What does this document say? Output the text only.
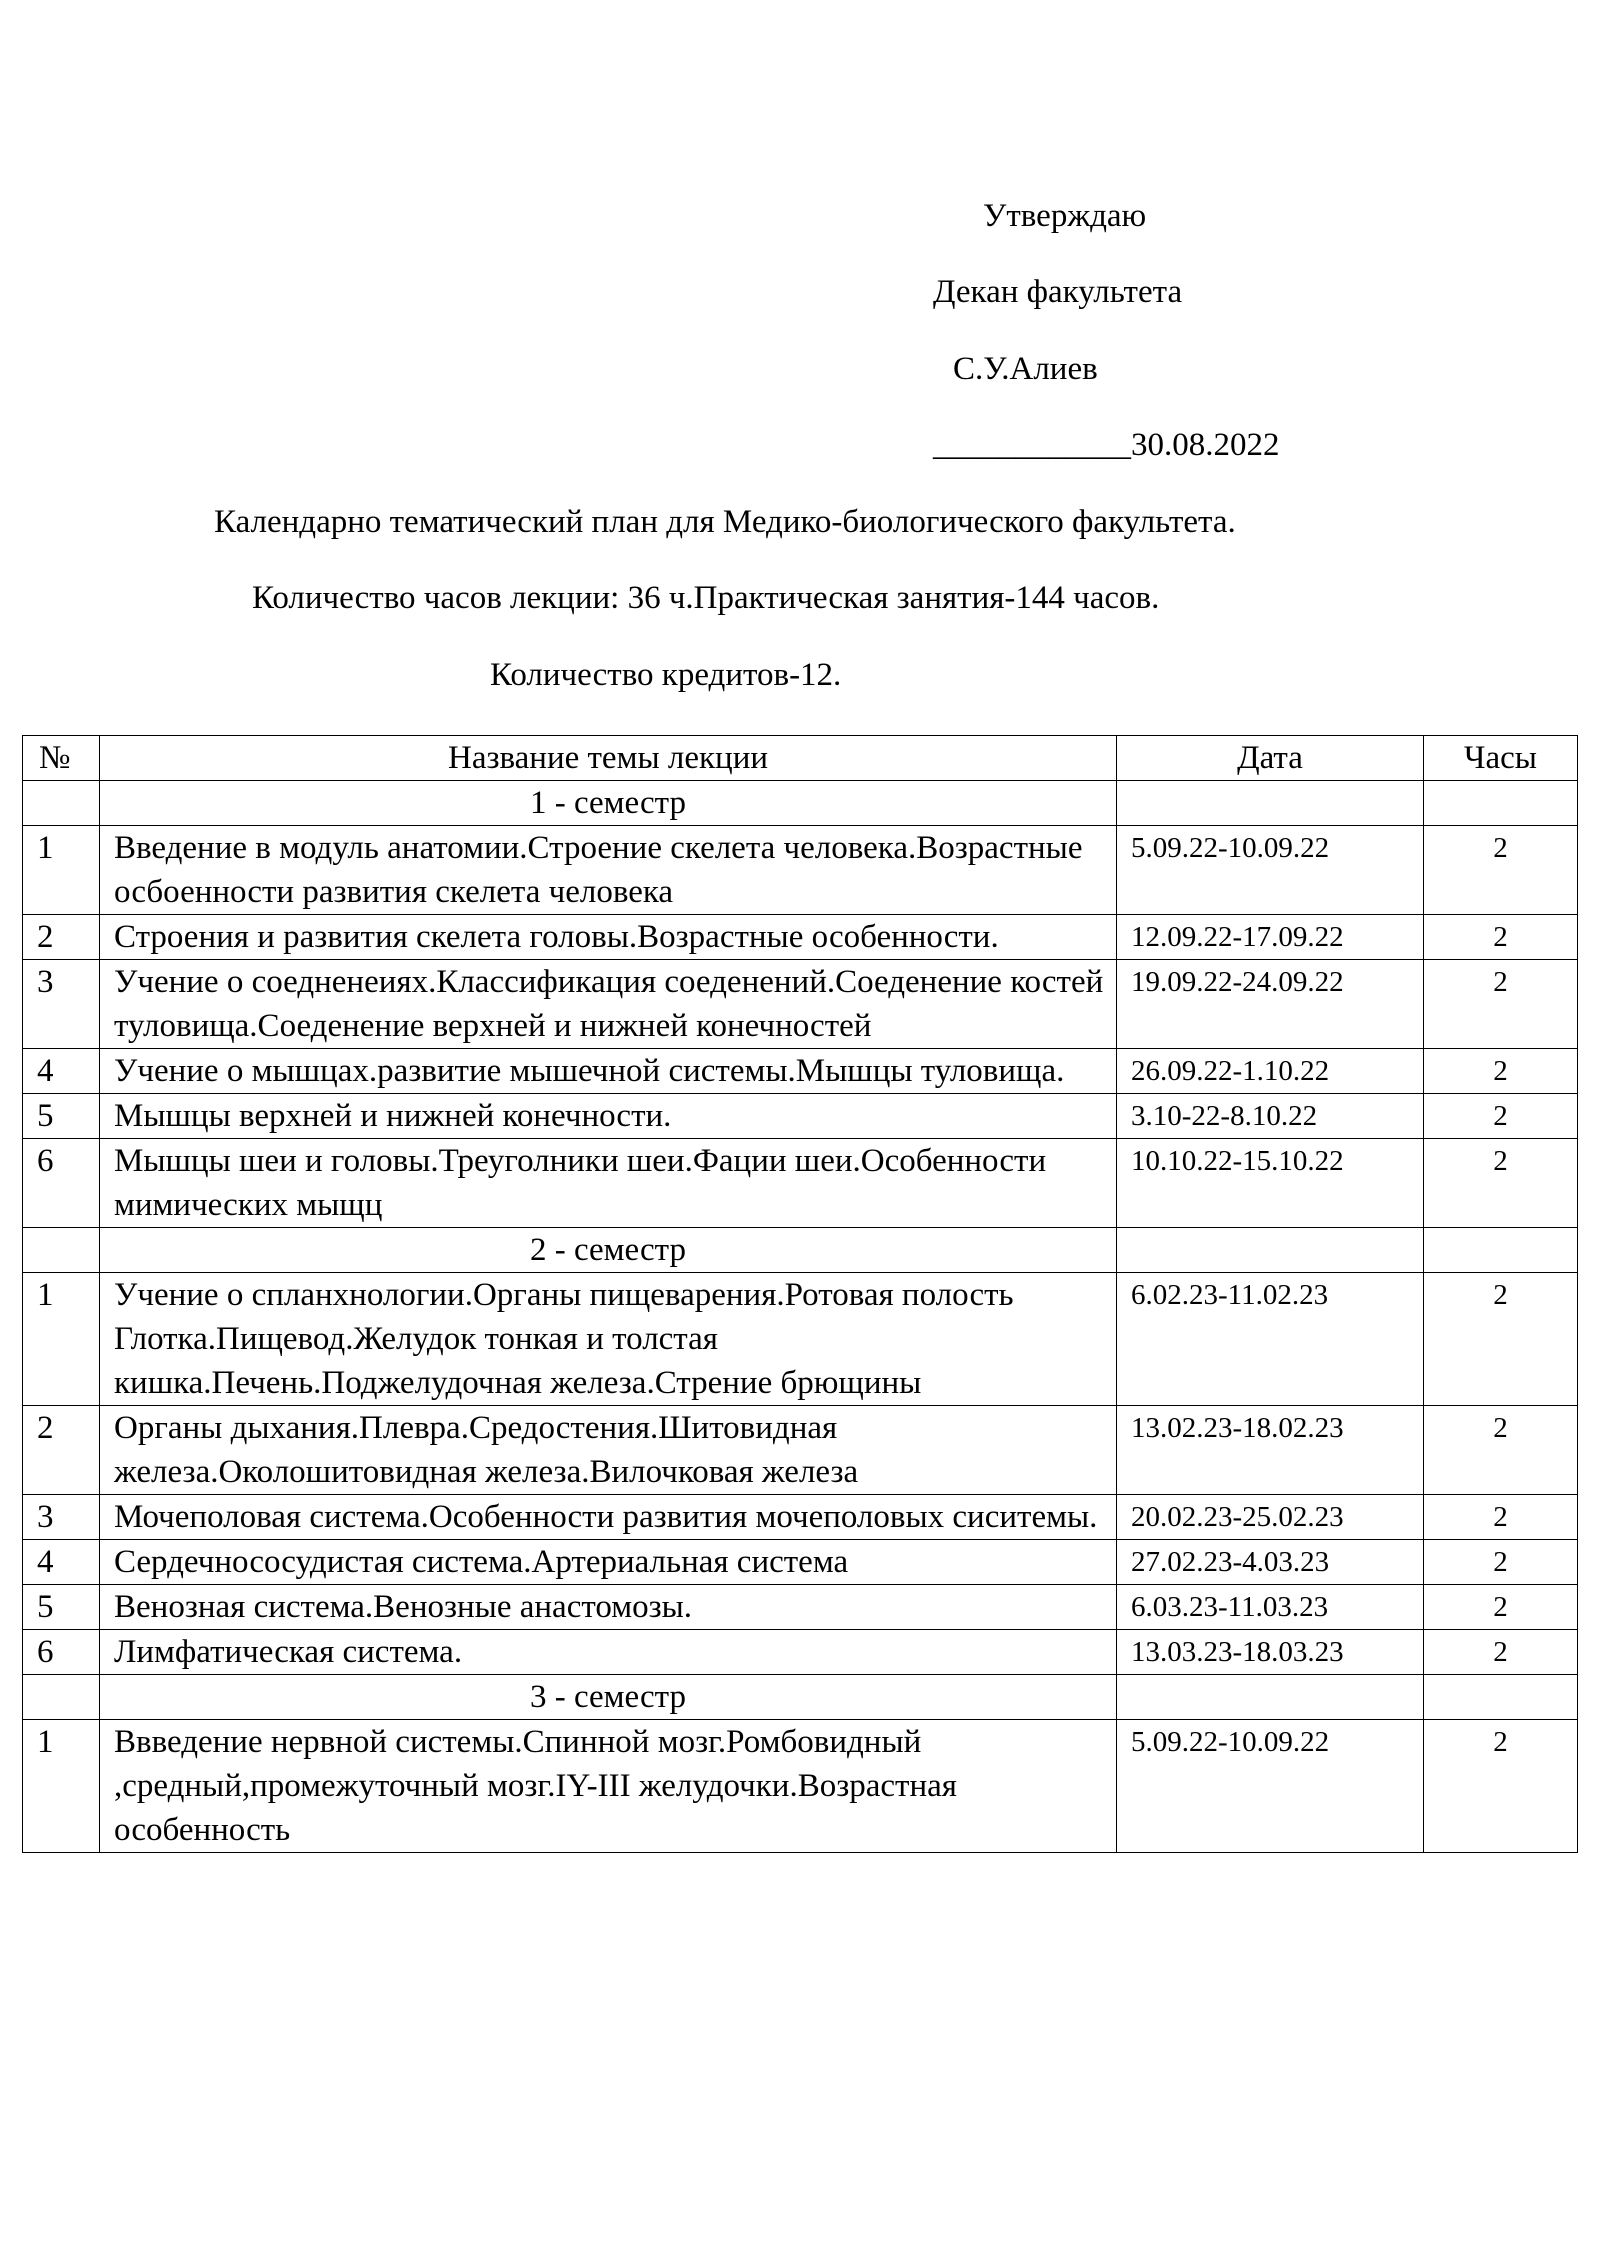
Утверждаю
Декан факультета
С.У.Алиев
____________30.08.2022
Календарно тематический план для Медико-биологического факультета.
Количество часов лекции: 36 ч.Практическая занятия-144 часов.
Количество кредитов-12.
№	Название темы лекции	Дата	Часы
	1 - семестр		
1	Введение в модуль анатомии.Строение скелета человека.Возрастные осбоенности развития скелета человека	5.09.22-10.09.22	2
2	Строения и развития скелета головы.Возрастные особенности.	12.09.22-17.09.22	2
3	Учение о соедненеиях.Классификация соеденений.Соеденение костей туловища.Соеденение верхней и нижней конечностей	19.09.22-24.09.22	2
4	Учение о мышцах.развитие мышечной системы.Мышцы туловища.	26.09.22-1.10.22	2
5	Мышцы верхней и нижней конечности.	3.10-22-8.10.22	2
6	Мышцы шеи и головы.Треуголники шеи.Фации шеи.Особенности мимических мыщц	10.10.22-15.10.22	2
	2 - семестр		
1	Учение о спланхнологии.Органы пищеварения.Ротовая полость Глотка.Пищевод.Желудок тонкая и толстая кишка.Печень.Поджелудочная железа.Стрение брющины	6.02.23-11.02.23	2
2	Органы дыхания.Плевра.Средостения.Шитовидная железа.Околошитовидная железа.Вилочковая железа	13.02.23-18.02.23	2
3	Мочеполовая система.Особенности развития мочеполовых сиситемы.	20.02.23-25.02.23	2
4	Сердечнососудистая система.Артериальная система	27.02.23-4.03.23	2
5	Венозная система.Венозные анастомозы.	6.03.23-11.03.23	2
6	Лимфатическая система.	13.03.23-18.03.23	2
	3 - семестр		
1	Ввведение нервной системы.Спинной мозг.Ромбовидный ,средный,промежуточный мозг.IY-III желудочки.Возрастная особенность	5.09.22-10.09.22	2
